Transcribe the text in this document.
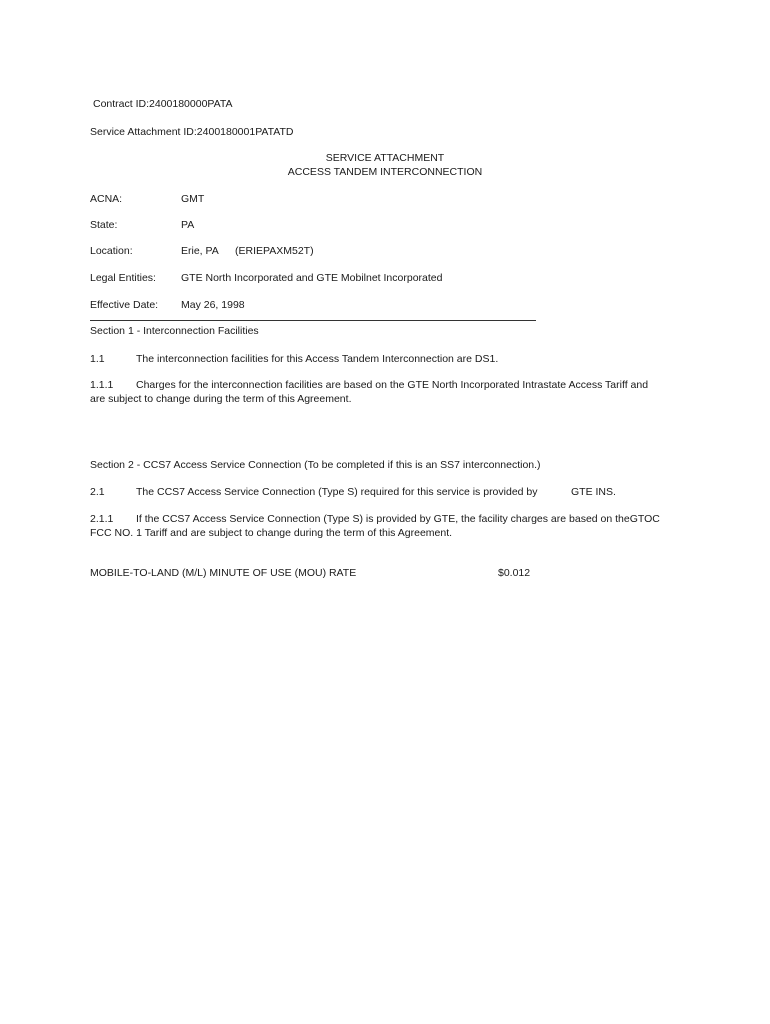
Contract ID:2400180000PATA
Service Attachment ID:2400180001PATATD
SERVICE ATTACHMENT
ACCESS TANDEM INTERCONNECTION
ACNA:	GMT
State:	PA
Location:	Erie, PA (ERIEPAXM52T)
Legal Entities: GTE North Incorporated and GTE Mobilnet Incorporated
Effective Date: May 26, 1998
Section 1 - Interconnection Facilities
1.1	The interconnection facilities for this Access Tandem Interconnection are DS1.
1.1.1 Charges for the interconnection facilities are based on the GTE North Incorporated Intrastate Access Tariff and
are subject to change during the term of this Agreement.
Section 2 - CCS7 Access Service Connection (To be completed if this is an SS7 interconnection.)
2.1	The CCS7 Access Service Connection (Type S) required for this service is provided by	GTE INS.
2.1.1 If the CCS7 Access Service Connection (Type S) is provided by GTE, the facility charges are based on theGTOC
FCC NO. 1 Tariff and are subject to change during the term of this Agreement.
MOBILE-TO-LAND (M/L) MINUTE OF USE (MOU) RATE	$0.012
